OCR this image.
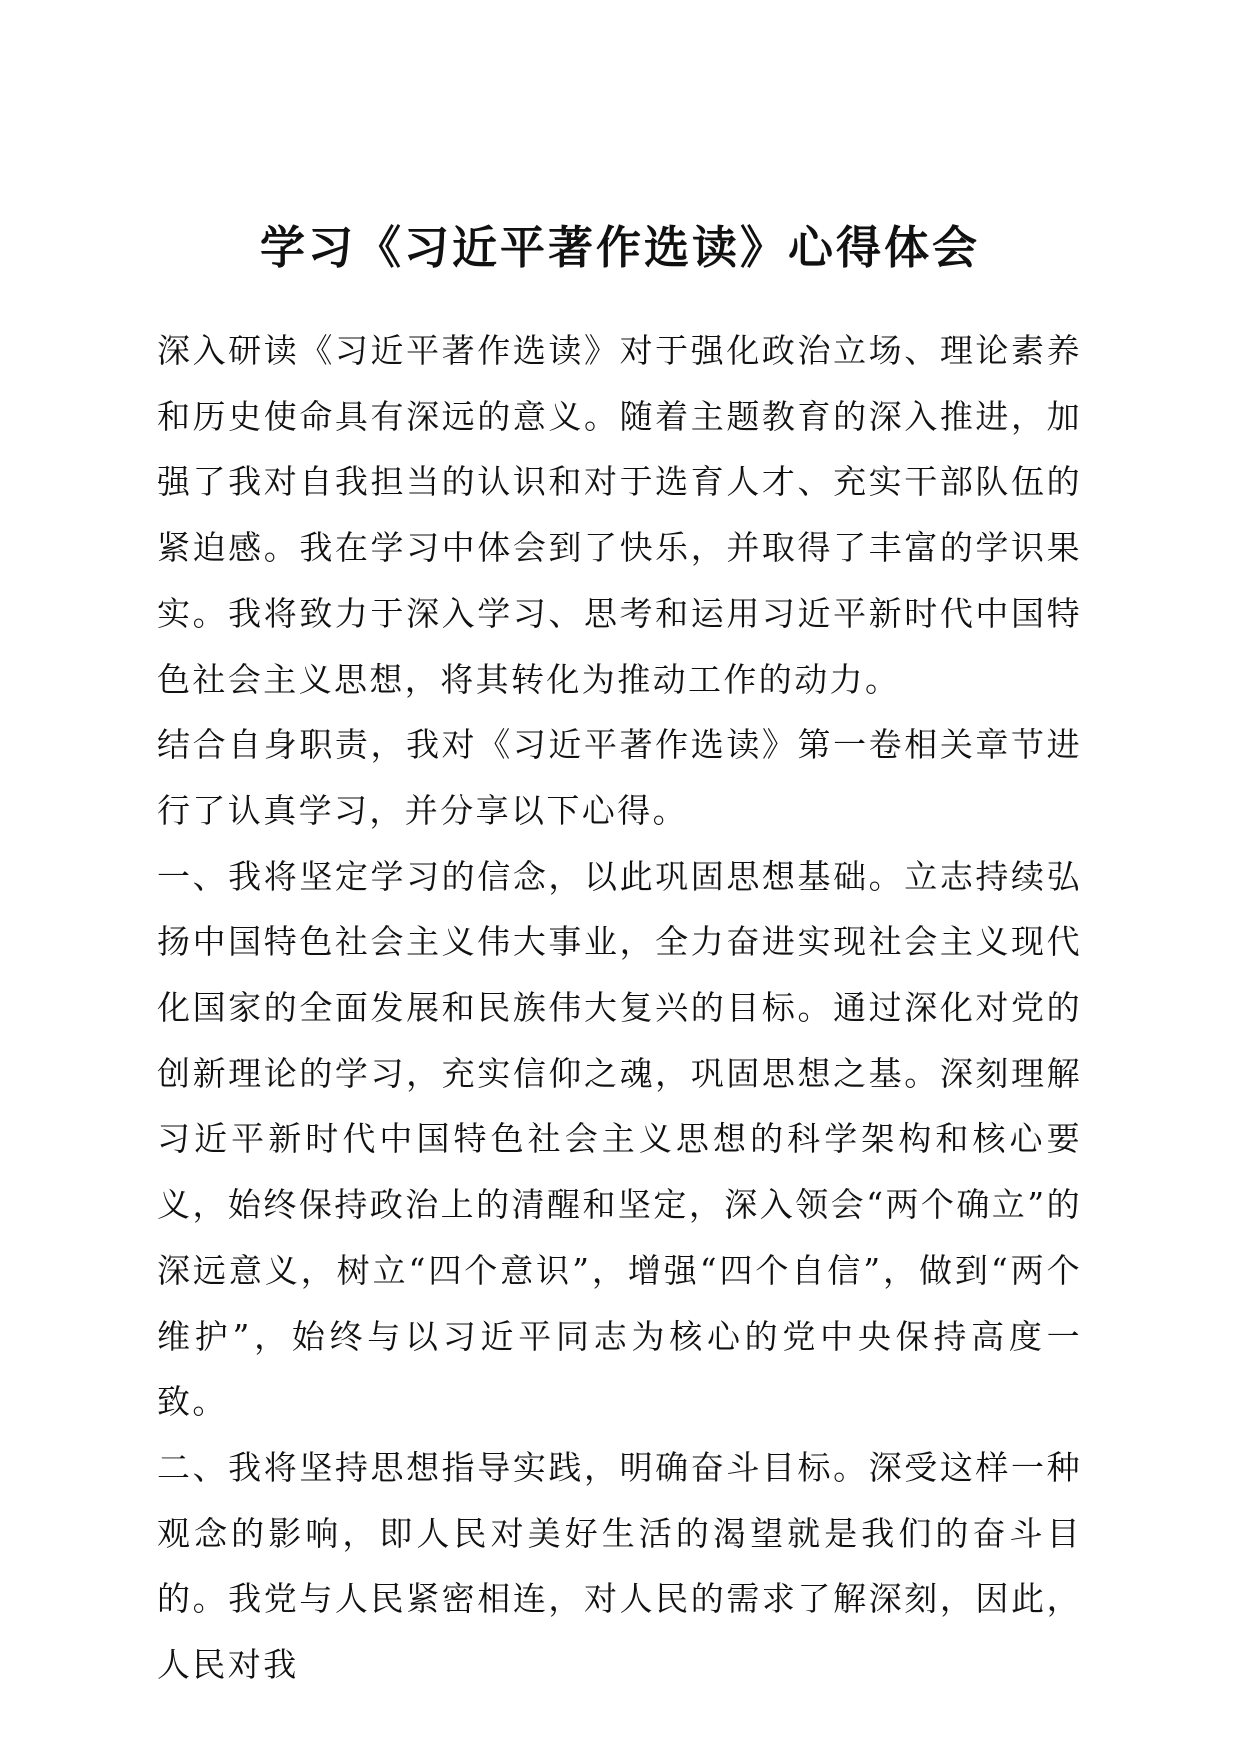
学习《习近平著作选读》心得体会

深入研读《习近平著作选读》对于强化政治立场、理论素养和历史使命具有深远的意义。随着主题教育的深入推进，加强了我对自我担当的认识和对于选育人才、充实干部队伍的紧迫感。我在学习中体会到了快乐，并取得了丰富的学识果实。我将致力于深入学习、思考和运用习近平新时代中国特色社会主义思想，将其转化为推动工作的动力。

结合自身职责，我对《习近平著作选读》第一卷相关章节进行了认真学习，并分享以下心得。

一、我将坚定学习的信念，以此巩固思想基础。立志持续弘扬中国特色社会主义伟大事业，全力奋进实现社会主义现代化国家的全面发展和民族伟大复兴的目标。通过深化对党的创新理论的学习，充实信仰之魂，巩固思想之基。深刻理解习近平新时代中国特色社会主义思想的科学架构和核心要义，始终保持政治上的清醒和坚定，深入领会“两个确立”的深远意义，树立“四个意识”，增强“四个自信”，做到“两个维护”，始终与以习近平同志为核心的党中央保持高度一致。

二、我将坚持思想指导实践，明确奋斗目标。深受这样一种观念的影响，即人民对美好生活的渴望就是我们的奋斗目的。我党与人民紧密相连，对人民的需求了解深刻，因此，人民对我
